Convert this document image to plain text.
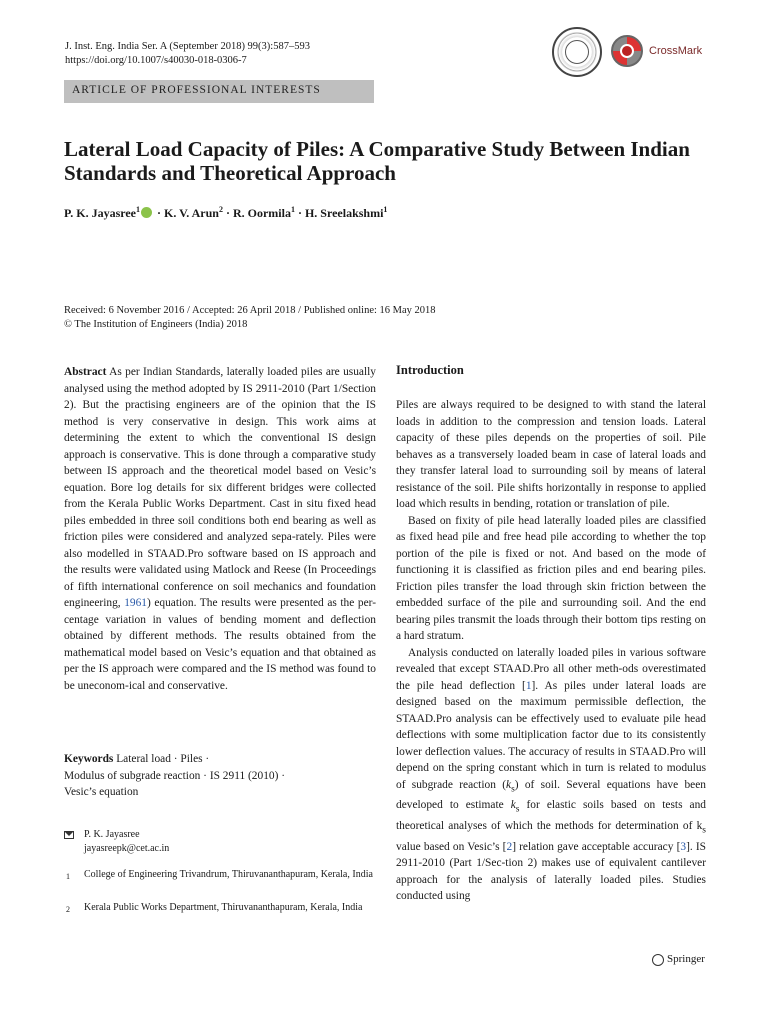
J. Inst. Eng. India Ser. A (September 2018) 99(3):587–593
https://doi.org/10.1007/s40030-018-0306-7
CrossMark
ARTICLE OF PROFESSIONAL INTERESTS
Lateral Load Capacity of Piles: A Comparative Study Between Indian Standards and Theoretical Approach
P. K. Jayasree$^1$ · K. V. Arun$^2$ · R. Oormila$^1$ · H. Sreelakshmi$^1$
Received: 6 November 2016 / Accepted: 26 April 2018 / Published online: 16 May 2018
© The Institution of Engineers (India) 2018

Abstract As per Indian Standards, laterally loaded piles are usually analysed using the method adopted by IS 2911-2010 (Part 1/Section 2). But the practising engineers are of the opinion that the IS method is very conservative in design. This work aims at determining the extent to which the conventional IS design approach is conservative. This is done through a comparative study between IS approach and the theoretical model based on Vesic’s equation. Bore log details for six different bridges were collected from the Kerala Public Works Department. Cast in situ fixed head piles embedded in three soil conditions both end bearing as well as friction piles were considered and analyzed sepa-rately. Piles were also modelled in STAAD.Pro software based on IS approach and the results were validated using Matlock and Reese (In Proceedings of fifth international conference on soil mechanics and foundation engineering, 1961) equation. The results were presented as the per-centage variation in values of bending moment and deflection obtained by different methods. The results obtained from the mathematical model based on Vesic’s equation and that obtained as per the IS approach were compared and the IS method was found to be uneconom-ical and conservative.

Keywords Lateral load · Piles ·
Modulus of subgrade reaction · IS 2911 (2010) ·
Vesic’s equation
P. K. Jayasree
jayasreepk@cet.ac.in
1 College of Engineering Trivandrum, Thiruvananthapuram, Kerala, India
2 Kerala Public Works Department, Thiruvananthapuram, Kerala, India
Introduction

Piles are always required to be designed to with stand the lateral loads in addition to the compression and tension loads. Lateral capacity of these piles depends on the properties of soil. Pile behaves as a transversely loaded beam in case of lateral loads and they transfer lateral load to surrounding soil by means of lateral resistance of the soil. Pile shifts horizontally in response to applied load which results in bending, rotation or translation of pile.

Based on fixity of pile head laterally loaded piles are classified as fixed head pile and free head pile according to whether the top portion of the pile is fixed or not. And based on the mode of functioning it is classified as friction piles and end bearing piles. Friction piles transfer the load through skin friction between the embedded surface of the pile and surrounding soil. And the end bearing piles transmit the loads through their bottom tips resting on a hard stratum.

Analysis conducted on laterally loaded piles in various software revealed that except STAAD.Pro all other meth-ods overestimated the pile head deflection [1]. As piles under lateral loads are designed based on the maximum permissible deflection, the STAAD.Pro analysis can be effectively used to evaluate pile head deflections with some multiplication factor due to its consistently lower deflection values. The accuracy of results in STAAD.Pro will depend on the spring constant which in turn is related to modulus of subgrade reaction $(k_s)$ of soil. Several equations have been developed to estimate $k_s$ for elastic soils based on tests and theoretical analyses of which the methods for determination of $k_s$ value based on Vesic’s [2] relation gave acceptable accuracy [3]. IS 2911-2010 (Part 1/Sec-tion 2) makes use of equivalent cantilever approach for the analysis of laterally loaded piles. Studies conducted using

Springer
